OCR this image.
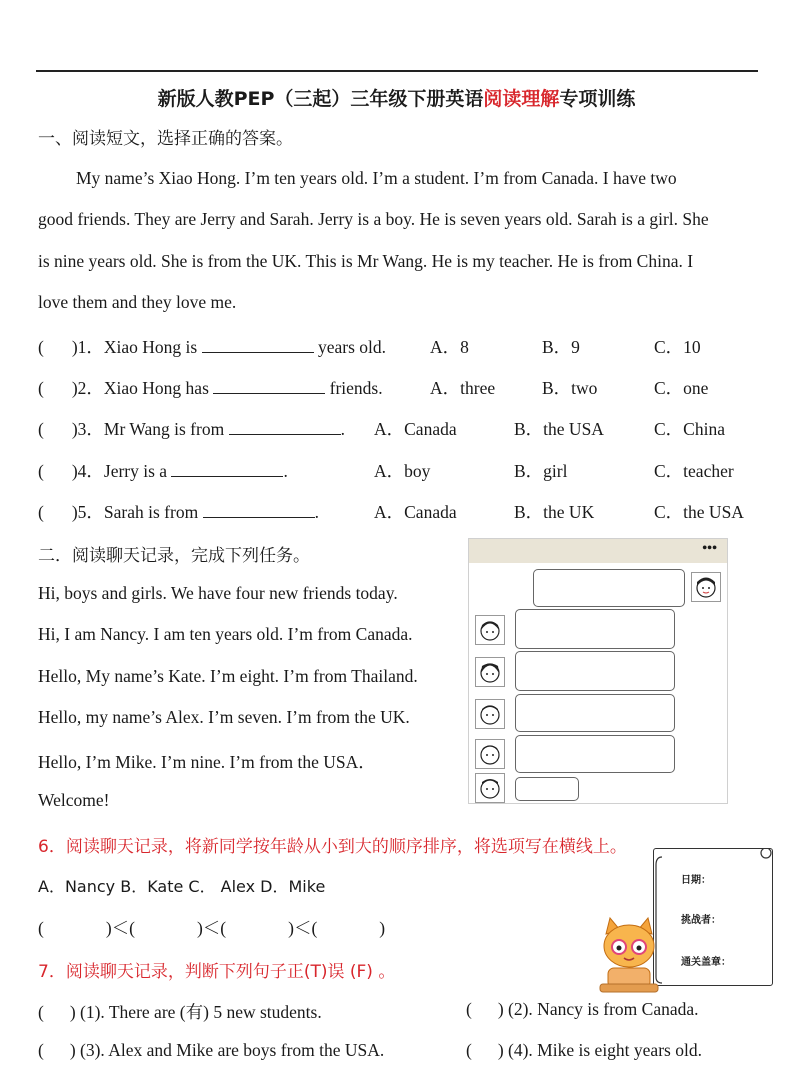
新版人教PEP（三起）三年级下册英语阅读理解专项训练
一、阅读短文，选择正确的答案。
My name’s Xiao Hong. I’m ten years old. I’m a student. I’m from Canada. I have two
good friends. They are Jerry and Sarah. Jerry is a boy. He is seven years old. Sarah is a girl. She
is nine years old. She is from the UK. This is Mr Wang. He is my teacher. He is from China. I
love them and they love me.
( )1．Xiao Hong is	years old.	A．8	B．9	C．10
( )2．Xiao Hong has	friends.	A．three	B．two	C．one
( )3．Mr Wang is from	. A．Canada	B．the USA	C．China
( )4．Jerry is a	.	A．boy	B．girl	C．teacher
( )5．Sarah is from	.	A．Canada	B．the UK	C．the USA
二．阅读聊天记录，完成下列任务。
Hi, boys and girls. We have four new friends today.
Hi, I am Nancy. I am ten years old. I’m from Canada.
Hello, My name’s Kate. I’m eight. I’m from Thailand.
Hello, my name’s Alex. I’m seven. I’m from the UK.
Hello, I’m Mike. I’m nine. I’m from the USA．
Welcome!
•••
6．阅读聊天记录，将新同学按年龄从小到大的顺序排序，将选项写在横线上。
A．Nancy B．Kate C． Alex D．Mike
(	)＜(	)＜(	)＜(	)
7．阅读聊天记录，判断下列句子正(T)误 (F) 。
( ) (1). There are (有) 5 new students.	( ) (2). Nancy is from Canada.
( ) (3). Alex and Mike are boys from the USA.	( ) (4). Mike is eight years old.
日期：
挑战者：
通关盖章：
